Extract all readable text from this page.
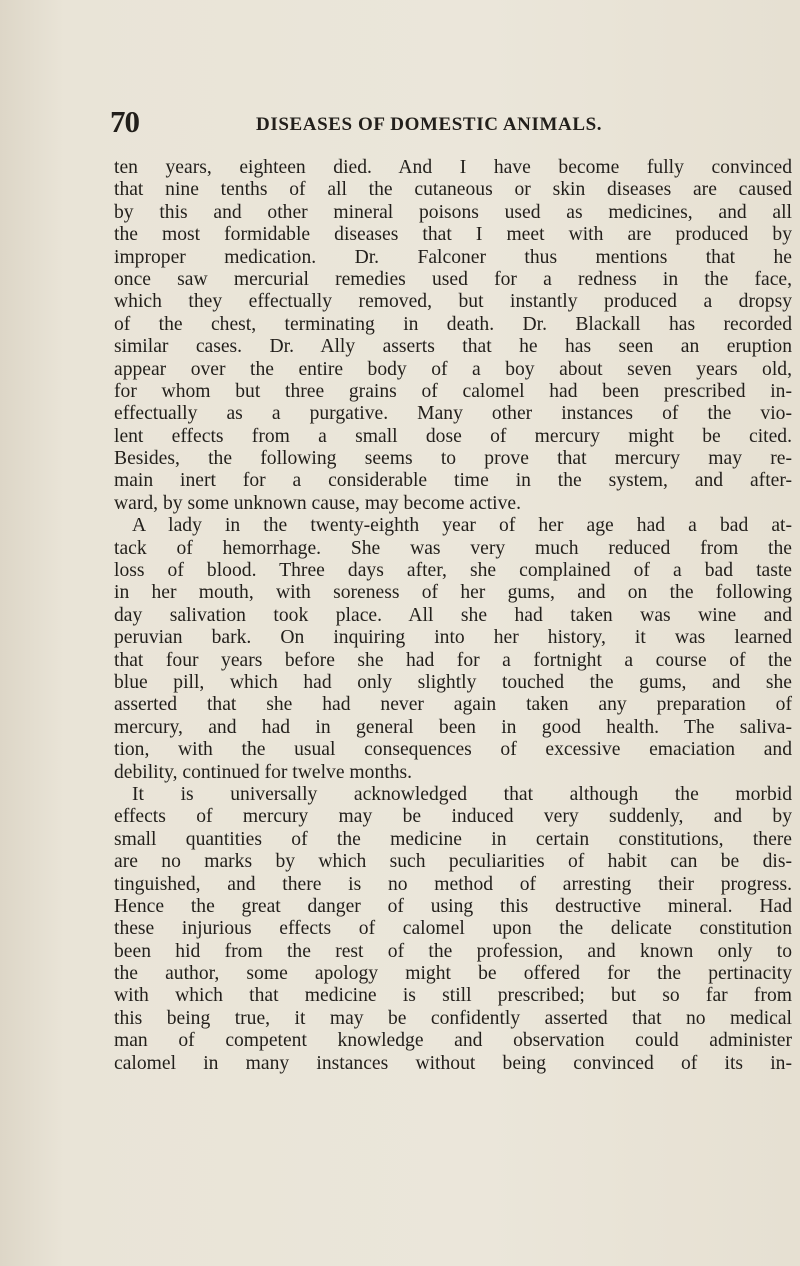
70	DISEASES OF DOMESTIC ANIMALS.
ten years, eighteen died. And I have become fully convinced
that nine tenths of all the cutaneous or skin diseases are caused
by this and other mineral poisons used as medicines, and all
the most formidable diseases that I meet with are produced by
improper medication. Dr. Falconer thus mentions that he
once saw mercurial remedies used for a redness in the face,
which they effectually removed, but instantly produced a dropsy
of the chest, terminating in death. Dr. Blackall has recorded
similar cases. Dr. Ally asserts that he has seen an eruption
appear over the entire body of a boy about seven years old,
for whom but three grains of calomel had been prescribed in-
effectually as a purgative. Many other instances of the vio-
lent effects from a small dose of mercury might be cited.
Besides, the following seems to prove that mercury may re-
main inert for a considerable time in the system, and after-
ward, by some unknown cause, may become active.
A lady in the twenty-eighth year of her age had a bad at-
tack of hemorrhage. She was very much reduced from the
loss of blood. Three days after, she complained of a bad taste
in her mouth, with soreness of her gums, and on the following
day salivation took place. All she had taken was wine and
peruvian bark. On inquiring into her history, it was learned
that four years before she had for a fortnight a course of the
blue pill, which had only slightly touched the gums, and she
asserted that she had never again taken any preparation of
mercury, and had in general been in good health. The saliva-
tion, with the usual consequences of excessive emaciation and
debility, continued for twelve months.
It is universally acknowledged that although the morbid
effects of mercury may be induced very suddenly, and by
small quantities of the medicine in certain constitutions, there
are no marks by which such peculiarities of habit can be dis-
tinguished, and there is no method of arresting their progress.
Hence the great danger of using this destructive mineral. Had
these injurious effects of calomel upon the delicate constitution
been hid from the rest of the profession, and known only to
the author, some apology might be offered for the pertinacity
with which that medicine is still prescribed; but so far from
this being true, it may be confidently asserted that no medical
man of competent knowledge and observation could administer
calomel in many instances without being convinced of its in-
